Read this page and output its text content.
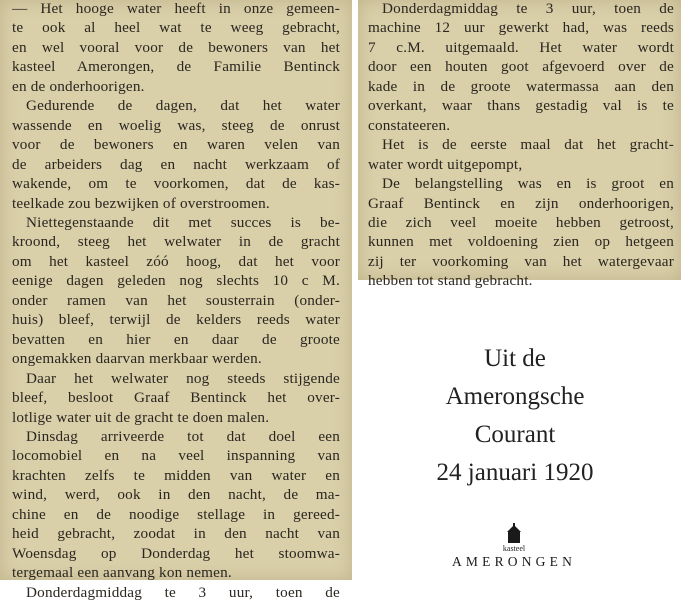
— Het hooge water heeft in onze gemeen-
te ook al heel wat te weeg gebracht,
en wel vooral voor de bewoners van het
kasteel Amerongen, de Familie Bentinck
en de onderhoorigen.
Gedurende de dagen, dat het water
wassende en woelig was, steeg de onrust
voor de bewoners en waren velen van
de arbeiders dag en nacht werkzaam of
wakende, om te voorkomen, dat de kas-
teelkade zou bezwijken of overstroomen.
Niettegenstaande dit met succes is be-
kroond, steeg het welwater in de gracht
om het kasteel zóó hoog, dat het voor
eenige dagen geleden nog slechts 10 c M.
onder ramen van het sousterrain (onder-
huis) bleef, terwijl de kelders reeds water
bevatten en hier en daar de groote
ongemakken daarvan merkbaar werden.
Daar het welwater nog steeds stijgende
bleef, besloot Graaf Bentinck het over-
lotlige water uit de gracht te doen malen.
Dinsdag arriveerde tot dat doel een
locomobiel en na veel inspanning van
krachten zelfs te midden van water en
wind, werd, ook in den nacht, de ma-
chine en de noodige stellage in gereed-
heid gebracht, zoodat in den nacht van
Woensdag op Donderdag het stoomwa-
tergemaal een aanvang kon nemen.
Donderdagmiddag te 3 uur, toen de
Donderdagmiddag te 3 uur, toen de
machine 12 uur gewerkt had, was reeds
7 c.M. uitgemaald. Het water wordt
door een houten goot afgevoerd over de
kade in de groote watermassa aan den
overkant, waar thans gestadig val is te
constateeren.
Het is de eerste maal dat het gracht-
water wordt uitgepompt,
De belangstelling was en is groot en
Graaf Bentinck en zijn onderhoorigen,
die zich veel moeite hebben getroost,
kunnen met voldoening zien op hetgeen
zij ter voorkoming van het watergevaar
hebben tot stand gebracht.
Uit de
Amerongsche
Courant
24 januari 1920
kasteel
AMERONGEN
